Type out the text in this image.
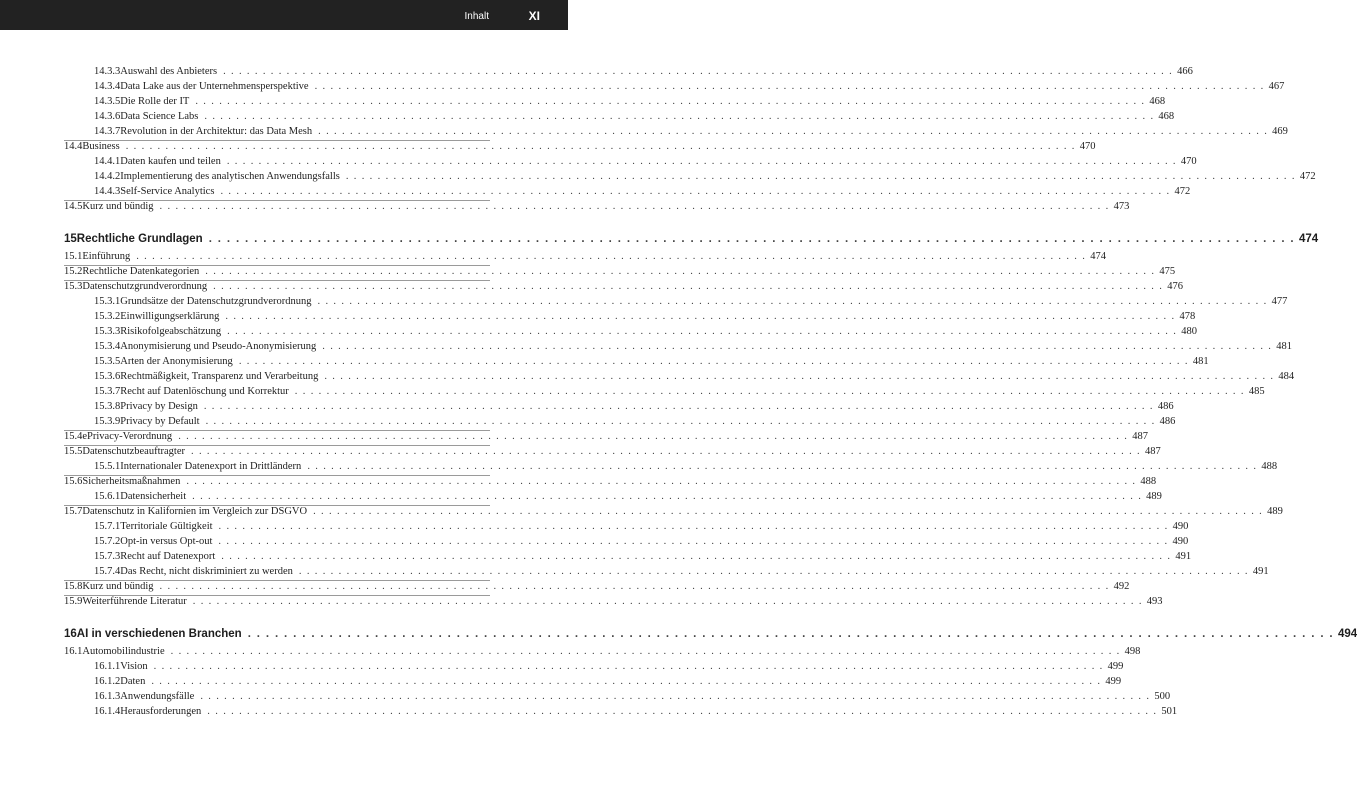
Inhalt	XI
14.3.3 Auswahl des Anbieters . . . . . . . . . . . . . . . . . . . . . . . . . . . . . . . . . . . . . . . . . . . . . . . . . . . . . . . . . . . . . . . . . . . . . . . . . . . . . . . . . . . . . . . . . . . . . . . . . . . . . . . . . . . . . . . . . . . . . . . . 466
14.3.4 Data Lake aus der Unternehmensperspektive . . . . . . . . . . . . . . . . . . . . . . . . . . . . . . . . . . . . . . . . . . . . . . . . . . . . . . . . . . . . . . . . . . . . . . . . . . . . . . . . . . . . . . . . . . . . . . . . . . . . . . . . . . . . . . . . . . . . . . . . 467
14.3.5 Die Rolle der IT . . . . . . . . . . . . . . . . . . . . . . . . . . . . . . . . . . . . . . . . . . . . . . . . . . . . . . . . . . . . . . . . . . . . . . . . . . . . . . . . . . . . . . . . . . . . . . . . . . . . . . . . . . . . . . . . . . . . . . . . 468
14.3.6 Data Science Labs . . . . . . . . . . . . . . . . . . . . . . . . . . . . . . . . . . . . . . . . . . . . . . . . . . . . . . . . . . . . . . . . . . . . . . . . . . . . . . . . . . . . . . . . . . . . . . . . . . . . . . . . . . . . . . . . . . . . . . . . 468
14.3.7 Revolution in der Architektur: das Data Mesh . . . . . . . . . . . . . . . . . . . . . . . . . . . . . . . . . . . . . . . . . . . . . . . . . . . . . . . . . . . . . . . . . . . . . . . . . . . . . . . . . . . . . . . . . . . . . . . . . . . . . . . . . . . . . . . . . . . . . . . . 469
14.4 Business . . . . . . . . . . . . . . . . . . . . . . . . . . . . . . . . . . . . . . . . . . . . . . . . . . . . . . . . . . . . . . . . . . . . . . . . . . . . . . . . . . . . . . . . . . . . . . . . . . . . . . . . . . . . . . . . . . . . . . . . 470
14.4.1 Daten kaufen und teilen . . . . . . . . . . . . . . . . . . . . . . . . . . . . . . . . . . . . . . . . . . . . . . . . . . . . . . . . . . . . . . . . . . . . . . . . . . . . . . . . . . . . . . . . . . . . . . . . . . . . . . . . . . . . . . . . . . . . . . . . 470
14.4.2 Implementierung des analytischen Anwendungsfalls . . . . . . . . . . . . . . . . . . . . . . . . . . . . . . . . . . . . . . . . . . . . . . . . . . . . . . . . . . . . . . . . . . . . . . . . . . . . . . . . . . . . . . . . . . . . . . . . . . . . . . . . . . . . . . . . . . . . . . . . 472
14.4.3 Self-Service Analytics . . . . . . . . . . . . . . . . . . . . . . . . . . . . . . . . . . . . . . . . . . . . . . . . . . . . . . . . . . . . . . . . . . . . . . . . . . . . . . . . . . . . . . . . . . . . . . . . . . . . . . . . . . . . . . . . . . . . . . . . 472
14.5 Kurz und bündig . . . . . . . . . . . . . . . . . . . . . . . . . . . . . . . . . . . . . . . . . . . . . . . . . . . . . . . . . . . . . . . . . . . . . . . . . . . . . . . . . . . . . . . . . . . . . . . . . . . . . . . . . . . . . . . . . . . . . . . . 473
15 Rechtliche Grundlagen . . . . . . . . . . . . . . . . . . . . . . . . . . . . . . . . . . . . . . . . . . . . . . . . . . . . . . . . . . . . . . . . . . . . . . . . . . . . . . . . . . . . . . . . . . . . . . . . . . . . . . . . . . . . . . . . . . . . . . . . 474
15.1 Einführung . . . . . . . . . . . . . . . . . . . . . . . . . . . . . . . . . . . . . . . . . . . . . . . . . . . . . . . . . . . . . . . . . . . . . . . . . . . . . . . . . . . . . . . . . . . . . . . . . . . . . . . . . . . . . . . . . . . . . . . . 474
15.2 Rechtliche Datenkategorien . . . . . . . . . . . . . . . . . . . . . . . . . . . . . . . . . . . . . . . . . . . . . . . . . . . . . . . . . . . . . . . . . . . . . . . . . . . . . . . . . . . . . . . . . . . . . . . . . . . . . . . . . . . . . . . . . . . . . . . . 475
15.3 Datenschutzgrundverordnung . . . . . . . . . . . . . . . . . . . . . . . . . . . . . . . . . . . . . . . . . . . . . . . . . . . . . . . . . . . . . . . . . . . . . . . . . . . . . . . . . . . . . . . . . . . . . . . . . . . . . . . . . . . . . . . . . . . . . . . . 476
15.3.1 Grundsätze der Datenschutzgrundverordnung . . . . . . . . . . . . . . . . . . . . . . . . . . . . . . . . . . . . . . . . . . . . . . . . . . . . . . . . . . . . . . . . . . . . . . . . . . . . . . . . . . . . . . . . . . . . . . . . . . . . . . . . . . . . . . . . . . . . . . . . 477
15.3.2 Einwilligungserklärung . . . . . . . . . . . . . . . . . . . . . . . . . . . . . . . . . . . . . . . . . . . . . . . . . . . . . . . . . . . . . . . . . . . . . . . . . . . . . . . . . . . . . . . . . . . . . . . . . . . . . . . . . . . . . . . . . . . . . . . . 478
15.3.3 Risikofolgeabschätzung . . . . . . . . . . . . . . . . . . . . . . . . . . . . . . . . . . . . . . . . . . . . . . . . . . . . . . . . . . . . . . . . . . . . . . . . . . . . . . . . . . . . . . . . . . . . . . . . . . . . . . . . . . . . . . . . . . . . . . . . 480
15.3.4 Anonymisierung und Pseudo-Anonymisierung . . . . . . . . . . . . . . . . . . . . . . . . . . . . . . . . . . . . . . . . . . . . . . . . . . . . . . . . . . . . . . . . . . . . . . . . . . . . . . . . . . . . . . . . . . . . . . . . . . . . . . . . . . . . . . . . . . . . . . . . 481
15.3.5 Arten der Anonymisierung . . . . . . . . . . . . . . . . . . . . . . . . . . . . . . . . . . . . . . . . . . . . . . . . . . . . . . . . . . . . . . . . . . . . . . . . . . . . . . . . . . . . . . . . . . . . . . . . . . . . . . . . . . . . . . . . . . . . . . . . 481
15.3.6 Rechtmäßigkeit, Transparenz und Verarbeitung . . . . . . . . . . . . . . . . . . . . . . . . . . . . . . . . . . . . . . . . . . . . . . . . . . . . . . . . . . . . . . . . . . . . . . . . . . . . . . . . . . . . . . . . . . . . . . . . . . . . . . . . . . . . . . . . . . . . . . . . 484
15.3.7 Recht auf Datenlöschung und Korrektur . . . . . . . . . . . . . . . . . . . . . . . . . . . . . . . . . . . . . . . . . . . . . . . . . . . . . . . . . . . . . . . . . . . . . . . . . . . . . . . . . . . . . . . . . . . . . . . . . . . . . . . . . . . . . . . . . . . . . . . . 485
15.3.8 Privacy by Design . . . . . . . . . . . . . . . . . . . . . . . . . . . . . . . . . . . . . . . . . . . . . . . . . . . . . . . . . . . . . . . . . . . . . . . . . . . . . . . . . . . . . . . . . . . . . . . . . . . . . . . . . . . . . . . . . . . . . . . . 486
15.3.9 Privacy by Default . . . . . . . . . . . . . . . . . . . . . . . . . . . . . . . . . . . . . . . . . . . . . . . . . . . . . . . . . . . . . . . . . . . . . . . . . . . . . . . . . . . . . . . . . . . . . . . . . . . . . . . . . . . . . . . . . . . . . . . . 486
15.4 ePrivacy-Verordnung . . . . . . . . . . . . . . . . . . . . . . . . . . . . . . . . . . . . . . . . . . . . . . . . . . . . . . . . . . . . . . . . . . . . . . . . . . . . . . . . . . . . . . . . . . . . . . . . . . . . . . . . . . . . . . . . . . . . . . . . 487
15.5 Datenschutzbeauftragter . . . . . . . . . . . . . . . . . . . . . . . . . . . . . . . . . . . . . . . . . . . . . . . . . . . . . . . . . . . . . . . . . . . . . . . . . . . . . . . . . . . . . . . . . . . . . . . . . . . . . . . . . . . . . . . . . . . . . . . . 487
15.5.1 Internationaler Datenexport in Drittländern . . . . . . . . . . . . . . . . . . . . . . . . . . . . . . . . . . . . . . . . . . . . . . . . . . . . . . . . . . . . . . . . . . . . . . . . . . . . . . . . . . . . . . . . . . . . . . . . . . . . . . . . . . . . . . . . . . . . . . . . 488
15.6 Sicherheitsmaßnahmen . . . . . . . . . . . . . . . . . . . . . . . . . . . . . . . . . . . . . . . . . . . . . . . . . . . . . . . . . . . . . . . . . . . . . . . . . . . . . . . . . . . . . . . . . . . . . . . . . . . . . . . . . . . . . . . . . . . . . . . . 488
15.6.1 Datensicherheit . . . . . . . . . . . . . . . . . . . . . . . . . . . . . . . . . . . . . . . . . . . . . . . . . . . . . . . . . . . . . . . . . . . . . . . . . . . . . . . . . . . . . . . . . . . . . . . . . . . . . . . . . . . . . . . . . . . . . . . . 489
15.7 Datenschutz in Kalifornien im Vergleich zur DSGVO . . . . . . . . . . . . . . . . . . . . . . . . . . . . . . . . . . . . . . . . . . . . . . . . . . . . . . . . . . . . . . . . . . . . . . . . . . . . . . . . . . . . . . . . . . . . . . . . . . . . . . . . . . . . . . . . . . . . . . . . 489
15.7.1 Territoriale Gültigkeit . . . . . . . . . . . . . . . . . . . . . . . . . . . . . . . . . . . . . . . . . . . . . . . . . . . . . . . . . . . . . . . . . . . . . . . . . . . . . . . . . . . . . . . . . . . . . . . . . . . . . . . . . . . . . . . . . . . . . . . . 490
15.7.2 Opt-in versus Opt-out . . . . . . . . . . . . . . . . . . . . . . . . . . . . . . . . . . . . . . . . . . . . . . . . . . . . . . . . . . . . . . . . . . . . . . . . . . . . . . . . . . . . . . . . . . . . . . . . . . . . . . . . . . . . . . . . . . . . . . . . 490
15.7.3 Recht auf Datenexport . . . . . . . . . . . . . . . . . . . . . . . . . . . . . . . . . . . . . . . . . . . . . . . . . . . . . . . . . . . . . . . . . . . . . . . . . . . . . . . . . . . . . . . . . . . . . . . . . . . . . . . . . . . . . . . . . . . . . . . . 491
15.7.4 Das Recht, nicht diskriminiert zu werden . . . . . . . . . . . . . . . . . . . . . . . . . . . . . . . . . . . . . . . . . . . . . . . . . . . . . . . . . . . . . . . . . . . . . . . . . . . . . . . . . . . . . . . . . . . . . . . . . . . . . . . . . . . . . . . . . . . . . . . . 491
15.8 Kurz und bündig . . . . . . . . . . . . . . . . . . . . . . . . . . . . . . . . . . . . . . . . . . . . . . . . . . . . . . . . . . . . . . . . . . . . . . . . . . . . . . . . . . . . . . . . . . . . . . . . . . . . . . . . . . . . . . . . . . . . . . . . 492
15.9 Weiterführende Literatur . . . . . . . . . . . . . . . . . . . . . . . . . . . . . . . . . . . . . . . . . . . . . . . . . . . . . . . . . . . . . . . . . . . . . . . . . . . . . . . . . . . . . . . . . . . . . . . . . . . . . . . . . . . . . . . . . . . . . . . . 493
16 AI in verschiedenen Branchen . . . . . . . . . . . . . . . . . . . . . . . . . . . . . . . . . . . . . . . . . . . . . . . . . . . . . . . . . . . . . . . . . . . . . . . . . . . . . . . . . . . . . . . . . . . . . . . . . . . . . . . . . . . . . . . . . . . . . . . . 494
16.1 Automobilindustrie . . . . . . . . . . . . . . . . . . . . . . . . . . . . . . . . . . . . . . . . . . . . . . . . . . . . . . . . . . . . . . . . . . . . . . . . . . . . . . . . . . . . . . . . . . . . . . . . . . . . . . . . . . . . . . . . . . . . . . . . 498
16.1.1 Vision . . . . . . . . . . . . . . . . . . . . . . . . . . . . . . . . . . . . . . . . . . . . . . . . . . . . . . . . . . . . . . . . . . . . . . . . . . . . . . . . . . . . . . . . . . . . . . . . . . . . . . . . . . . . . . . . . . . . . . . . 499
16.1.2 Daten . . . . . . . . . . . . . . . . . . . . . . . . . . . . . . . . . . . . . . . . . . . . . . . . . . . . . . . . . . . . . . . . . . . . . . . . . . . . . . . . . . . . . . . . . . . . . . . . . . . . . . . . . . . . . . . . . . . . . . . . 499
16.1.3 Anwendungsfälle . . . . . . . . . . . . . . . . . . . . . . . . . . . . . . . . . . . . . . . . . . . . . . . . . . . . . . . . . . . . . . . . . . . . . . . . . . . . . . . . . . . . . . . . . . . . . . . . . . . . . . . . . . . . . . . . . . . . . . . . 500
16.1.4 Herausforderungen . . . . . . . . . . . . . . . . . . . . . . . . . . . . . . . . . . . . . . . . . . . . . . . . . . . . . . . . . . . . . . . . . . . . . . . . . . . . . . . . . . . . . . . . . . . . . . . . . . . . . . . . . . . . . . . . . . . . . . . . 501
